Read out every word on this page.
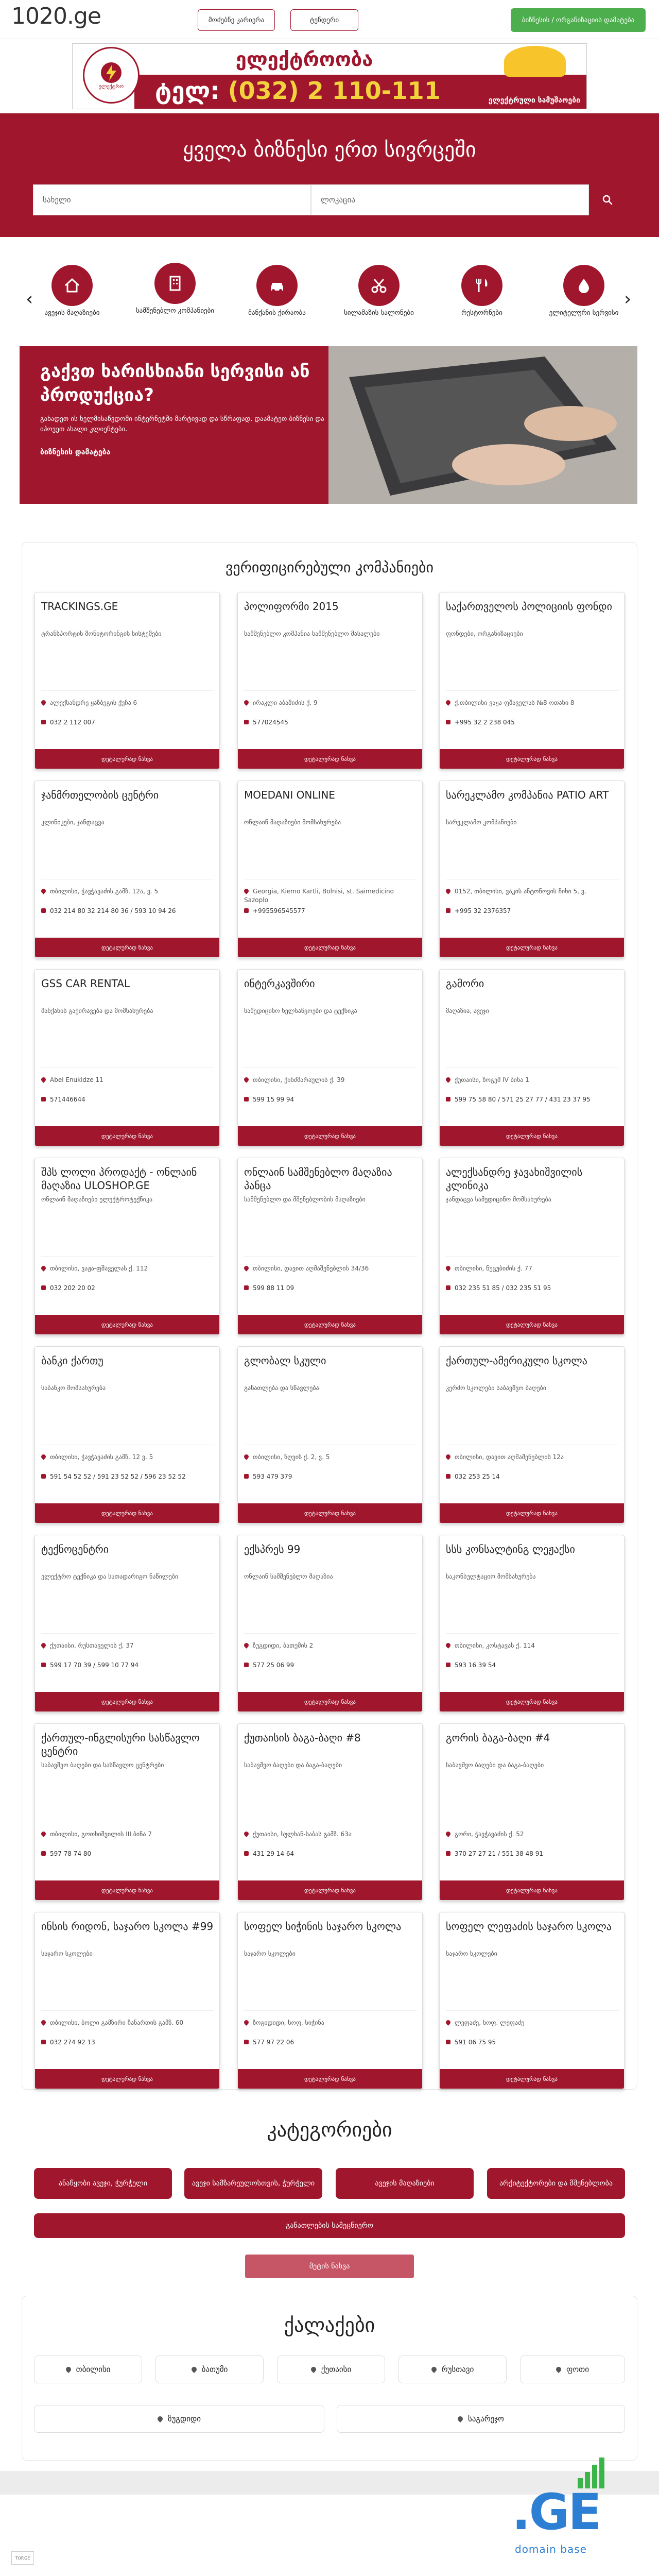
1020.ge	მოძებნე კარიერა	ტენდერი	ბიზნესის / ორგანიზაციის დამატება
ელექტროობა
ელექტრო ტელ: (032) 2 110-111	ელექტრული სამუშაოები
ყველა ბიზნესი ერთ სივრცეში
სახელი	ლოკაცია
‹	›
ავეჯის მაღაზიები	სამშენებლო კომპანიები	მანქანის ქირაობა	სილამაზის სალონები	რესტორნები	ელიტელური სერვისი
გაქვთ ხარისხიანი სერვისი ან პროდუქცია?
გახადეთ ის ხელმისაწვდომი ინტერნეტში მარტივად და სწრაფად. დაამატეთ ბიზნესი და იპოვეთ ახალი კლიენტები.
ბიზნესის დამატება
ვერიფიცირებული კომპანიები
TRACKINGS.GE
ტრანსპორტის მონიტორინგის სისტემები
ალექსანდრე ყაზბეგის ქუჩა 6
032 2 112 007
დეტალურად ნახვა
პოლიფორმი 2015
სამშენებლო კომპანია სამშენებლო მასალები
ირაკლი აბაშიძის ქ. 9
577024545
დეტალურად ნახვა
საქართველოს პოლიციის ფონდი
ფონდები, ორგანიზაციები
ქ.თბილისი ვაჟა-ფშაველას №8 ოთახი 8
+995 32 2 238 045
დეტალურად ნახვა
ჯანმრთელობის ცენტრი
კლინიკები, ჯანდაცვა
თბილისი, ჭავჭავაძის გამზ. 12ა, ვ. 5
032 214 80 32 214 80 36 / 593 10 94 26
დეტალურად ნახვა
MOEDANI ONLINE
ონლაინ მაღაზიები მომსახურება
Georgia, Kiemo Kartli, Bolnisi, st. Saimedicino Sazoplo
+995596545577
დეტალურად ნახვა
სარეკლამო კომპანია PATIO ART
სარეკლამო კომპანიები
0152, თბილისი, ვაკის ანტონოვის ჩიხი 5, ვ.
+995 32 2376357
დეტალურად ნახვა
GSS CAR RENTAL
მანქანის გაქირავება და მომსახურება
Abel Enukidze 11
571446644
დეტალურად ნახვა
ინტერკავშირი
სამედიცინო ხელსაწყოები და ტექნიკა
თბილისი, ქინძმარაულის ქ. 39
599 15 99 94
დეტალურად ნახვა
გამორი
მაღაზია, ავეჯი
ქუთაისი, ზოგემ IV ბინა 1
599 75 58 80 / 571 25 27 77 / 431 23 37 95
დეტალურად ნახვა
შპს ლოლი პროდაქტ - ონლაინ მაღაზია ULOSHOP.GE
ონლაინ მაღაზიები ელექტროტექნიკა
თბილისი, ვაჟა-ფშაველას ქ. 112
032 202 20 02
დეტალურად ნახვა
ონლაინ სამშენებლო მაღაზია პანცა
სამშენებლო და მშენებლობის მაღაზიები
თბილისი, დავით აღმაშენებლის 34/36
599 88 11 09
დეტალურად ნახვა
ალექსანდრე ჯავახიშვილის კლინიკა
ჯანდაცვა სამედიცინო მომსახურება
თბილისი, ნუცუბიძის ქ. 77
032 235 51 85 / 032 235 51 95
დეტალურად ნახვა
ბანკი ქართუ
საბანკო მომსახურება
თბილისი, ჭავჭავაძის გამზ. 12 ვ. 5
591 54 52 52 / 591 23 52 52 / 596 23 52 52
დეტალურად ნახვა
გლობალ სკული
განათლება და სწავლება
თბილისი, ზღვის ქ. 2, ვ. 5
593 479 379
დეტალურად ნახვა
ქართულ-ამერიკული სკოლა
კერძო სკოლები საბავშვო ბაღები
თბილისი, დავით აღმაშენებლის 12ა
032 253 25 14
დეტალურად ნახვა
ტექნოცენტრი
ელექტრო ტექნიკა და სათადარიგო ნაწილები
ქუთაისი, რუსთაველის ქ. 37
599 17 70 39 / 599 10 77 94
დეტალურად ნახვა
ექსპრეს 99
ონლაინ სამშენებლო მაღაზია
ზუგდიდი, ბათუმის 2
577 25 06 99
დეტალურად ნახვა
სსს კონსალტინგ ლეჟაქსი
საკონსულტაციო მომსახურება
თბილისი, კოსტავას ქ. 114
593 16 39 54
დეტალურად ნახვა
ქართულ-ინგლისური სასწავლო ცენტრი
საბავშვო ბაღები და სასწავლო ცენტრები
თბილისი, გოთხიშვილის III ბინა 7
597 78 74 80
დეტალურად ნახვა
ქუთაისის ბაგა-ბაღი #8
საბავშვო ბაღები და ბაგა-ბაღები
ქუთაისი, სულხან-საბას გამზ. 63ა
431 29 14 64
დეტალურად ნახვა
გორის ბაგა-ბაღი #4
საბავშვო ბაღები და ბაგა-ბაღები
გორი, ჭავჭავაძის ქ. 52
370 27 27 21 / 551 38 48 91
დეტალურად ნახვა
ინსის რიდონ, საჯარო სკოლა #99
საჯარო სკოლები
თბილისი, ბოლი გამზირი ჩანართის გამზ. 60
032 274 92 13
დეტალურად ნახვა
სოფელ სიჭინის საჯარო სკოლა
საჯარო სკოლები
ზოგიდიდი, სოფ. სიჭინა
577 97 22 06
დეტალურად ნახვა
სოფელ ლეფაძის საჯარო სკოლა
საჯარო სკოლები
ლეფაძე, სოფ. ლეფაძე
591 06 75 95
დეტალურად ნახვა
კატეგორიები
ანაწყობი ავეჯი, ჭურჭელი	ავეჯი სამზარეულოსთვის, ჭურჭელი	ავეჯის მაღაზიები	არქიტექტორები და მშენებლობა
განათლების სამეცნიერო
მეტის ნახვა
ქალაქები
თბილისი	ბათუმი	ქუთაისი	რუსთავი	ფოთი
ზუგდიდი	საგარეჯო
.GE
domain base
TOP.GE
